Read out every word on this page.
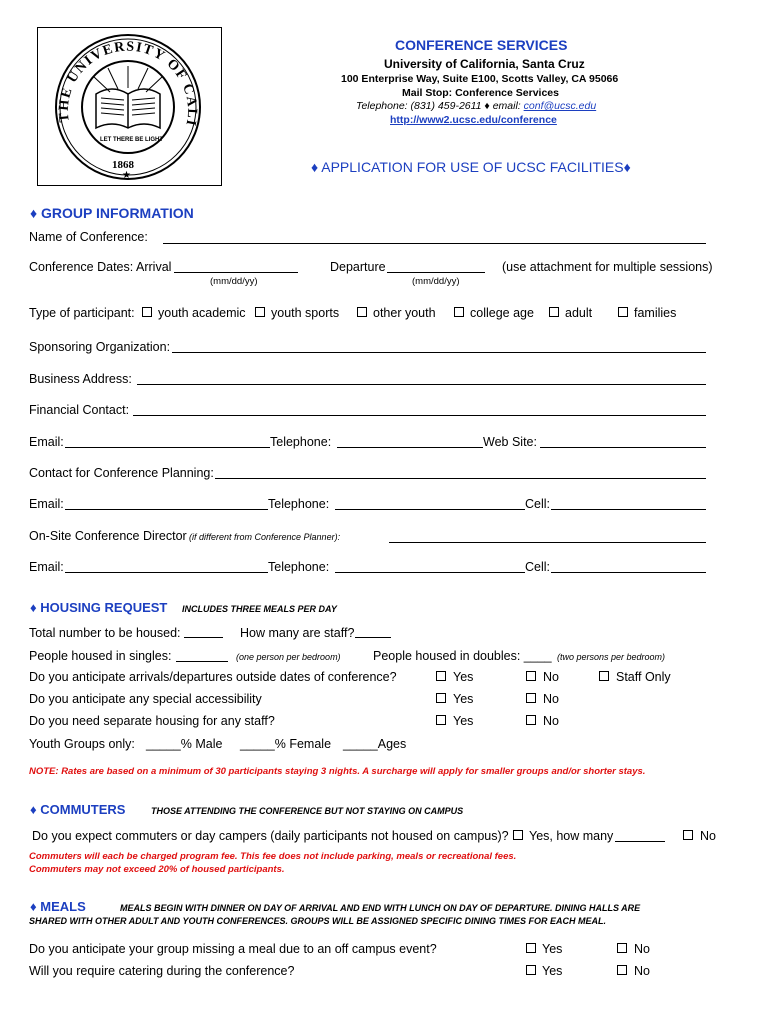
THE UNIVERSITY OF CALI
★
LET THERE BE LIGHT
1868
CONFERENCE SERVICES
University of California, Santa Cruz
100 Enterprise Way, Suite E100, Scotts Valley, CA 95066
Mail Stop: Conference Services
Telephone: (831) 459-2611 ♦ email: conf@ucsc.edu
http://www2.ucsc.edu/conference
♦ APPLICATION FOR USE OF UCSC FACILITIES♦
♦ GROUP INFORMATION
Name of Conference:
Conference Dates: Arrival	Departure	(use attachment for multiple sessions)
(mm/dd/yy)	(mm/dd/yy)
Type of participant: youth academic youth sports	other youth	college age adult	families
Sponsoring Organization:
Business Address:
Financial Contact:
Email:	Telephone:	Web Site:
Contact for Conference Planning:
Email:	Telephone:	Cell:
On-Site Conference Director (if different from Conference Planner):
Email:	Telephone:	Cell:
♦ HOUSING REQUEST INCLUDES THREE MEALS PER DAY
Total number to be housed:	How many are staff?
People housed in singles:	(one person per bedroom)	People housed in doubles: ____ (two persons per bedroom)
Do you anticipate arrivals/departures outside dates of conference?	Yes	No	Staff Only
Do you anticipate any special accessibility	Yes	No
Do you need separate housing for any staff?	Yes	No
Youth Groups only: _____% Male _____% Female _____Ages
NOTE: Rates are based on a minimum of 30 participants staying 3 nights. A surcharge will apply for smaller groups and/or shorter stays.
♦ COMMUTERS	THOSE ATTENDING THE CONFERENCE BUT NOT STAYING ON CAMPUS
Do you expect commuters or day campers (daily participants not housed on campus)? Yes, how many	No
Commuters will each be charged program fee. This fee does not include parking, meals or recreational fees.
Commuters may not exceed 20% of housed participants.
♦ MEALS	MEALS BEGIN WITH DINNER ON DAY OF ARRIVAL AND END WITH LUNCH ON DAY OF DEPARTURE. DINING HALLS ARE
SHARED WITH OTHER ADULT AND YOUTH CONFERENCES. GROUPS WILL BE ASSIGNED SPECIFIC DINING TIMES FOR EACH MEAL.
Do you anticipate your group missing a meal due to an off campus event?	Yes	No
Will you require catering during the conference?	Yes	No
